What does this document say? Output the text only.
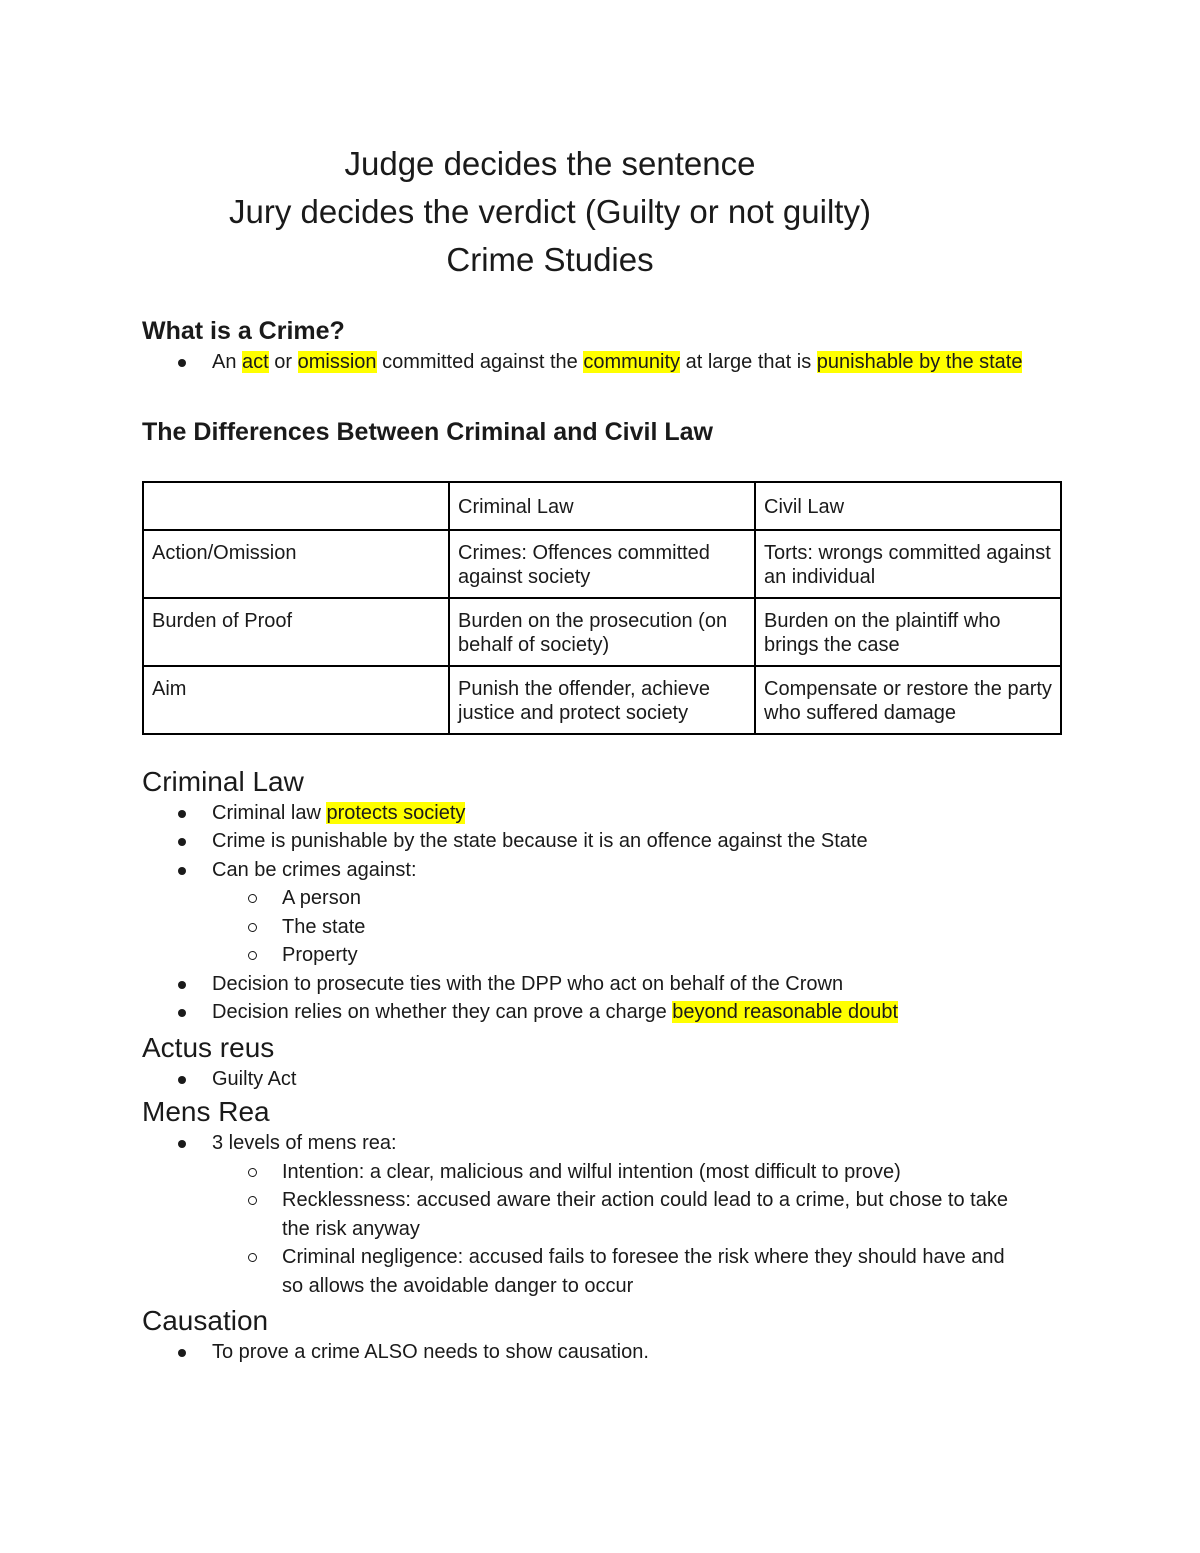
Judge decides the sentence

Jury decides the verdict (Guilty or not guilty)

Crime Studies

What is a Crime?
An act or omission committed against the community at large that is punishable by the state
The Differences Between Criminal and Civil Law
	Criminal Law	Civil Law
Action/Omission	Crimes: Offences committed against society	Torts: wrongs committed against an individual
Burden of Proof	Burden on the prosecution (on behalf of society)	Burden on the plaintiff who brings the case
Aim	Punish the offender, achieve justice and protect society	Compensate or restore the party who suffered damage
Criminal Law
Criminal law protects society
Crime is punishable by the state because it is an offence against the State
Can be crimes against:
A person
The state
Property
Decision to prosecute ties with the DPP who act on behalf of the Crown
Decision relies on whether they can prove a charge beyond reasonable doubt
Actus reus
Guilty Act
Mens Rea
3 levels of mens rea:
Intention: a clear, malicious and wilful intention (most difficult to prove)
Recklessness: accused aware their action could lead to a crime, but chose to take the risk anyway
Criminal negligence: accused fails to foresee the risk where they should have and so allows the avoidable danger to occur
Causation
To prove a crime ALSO needs to show causation.
